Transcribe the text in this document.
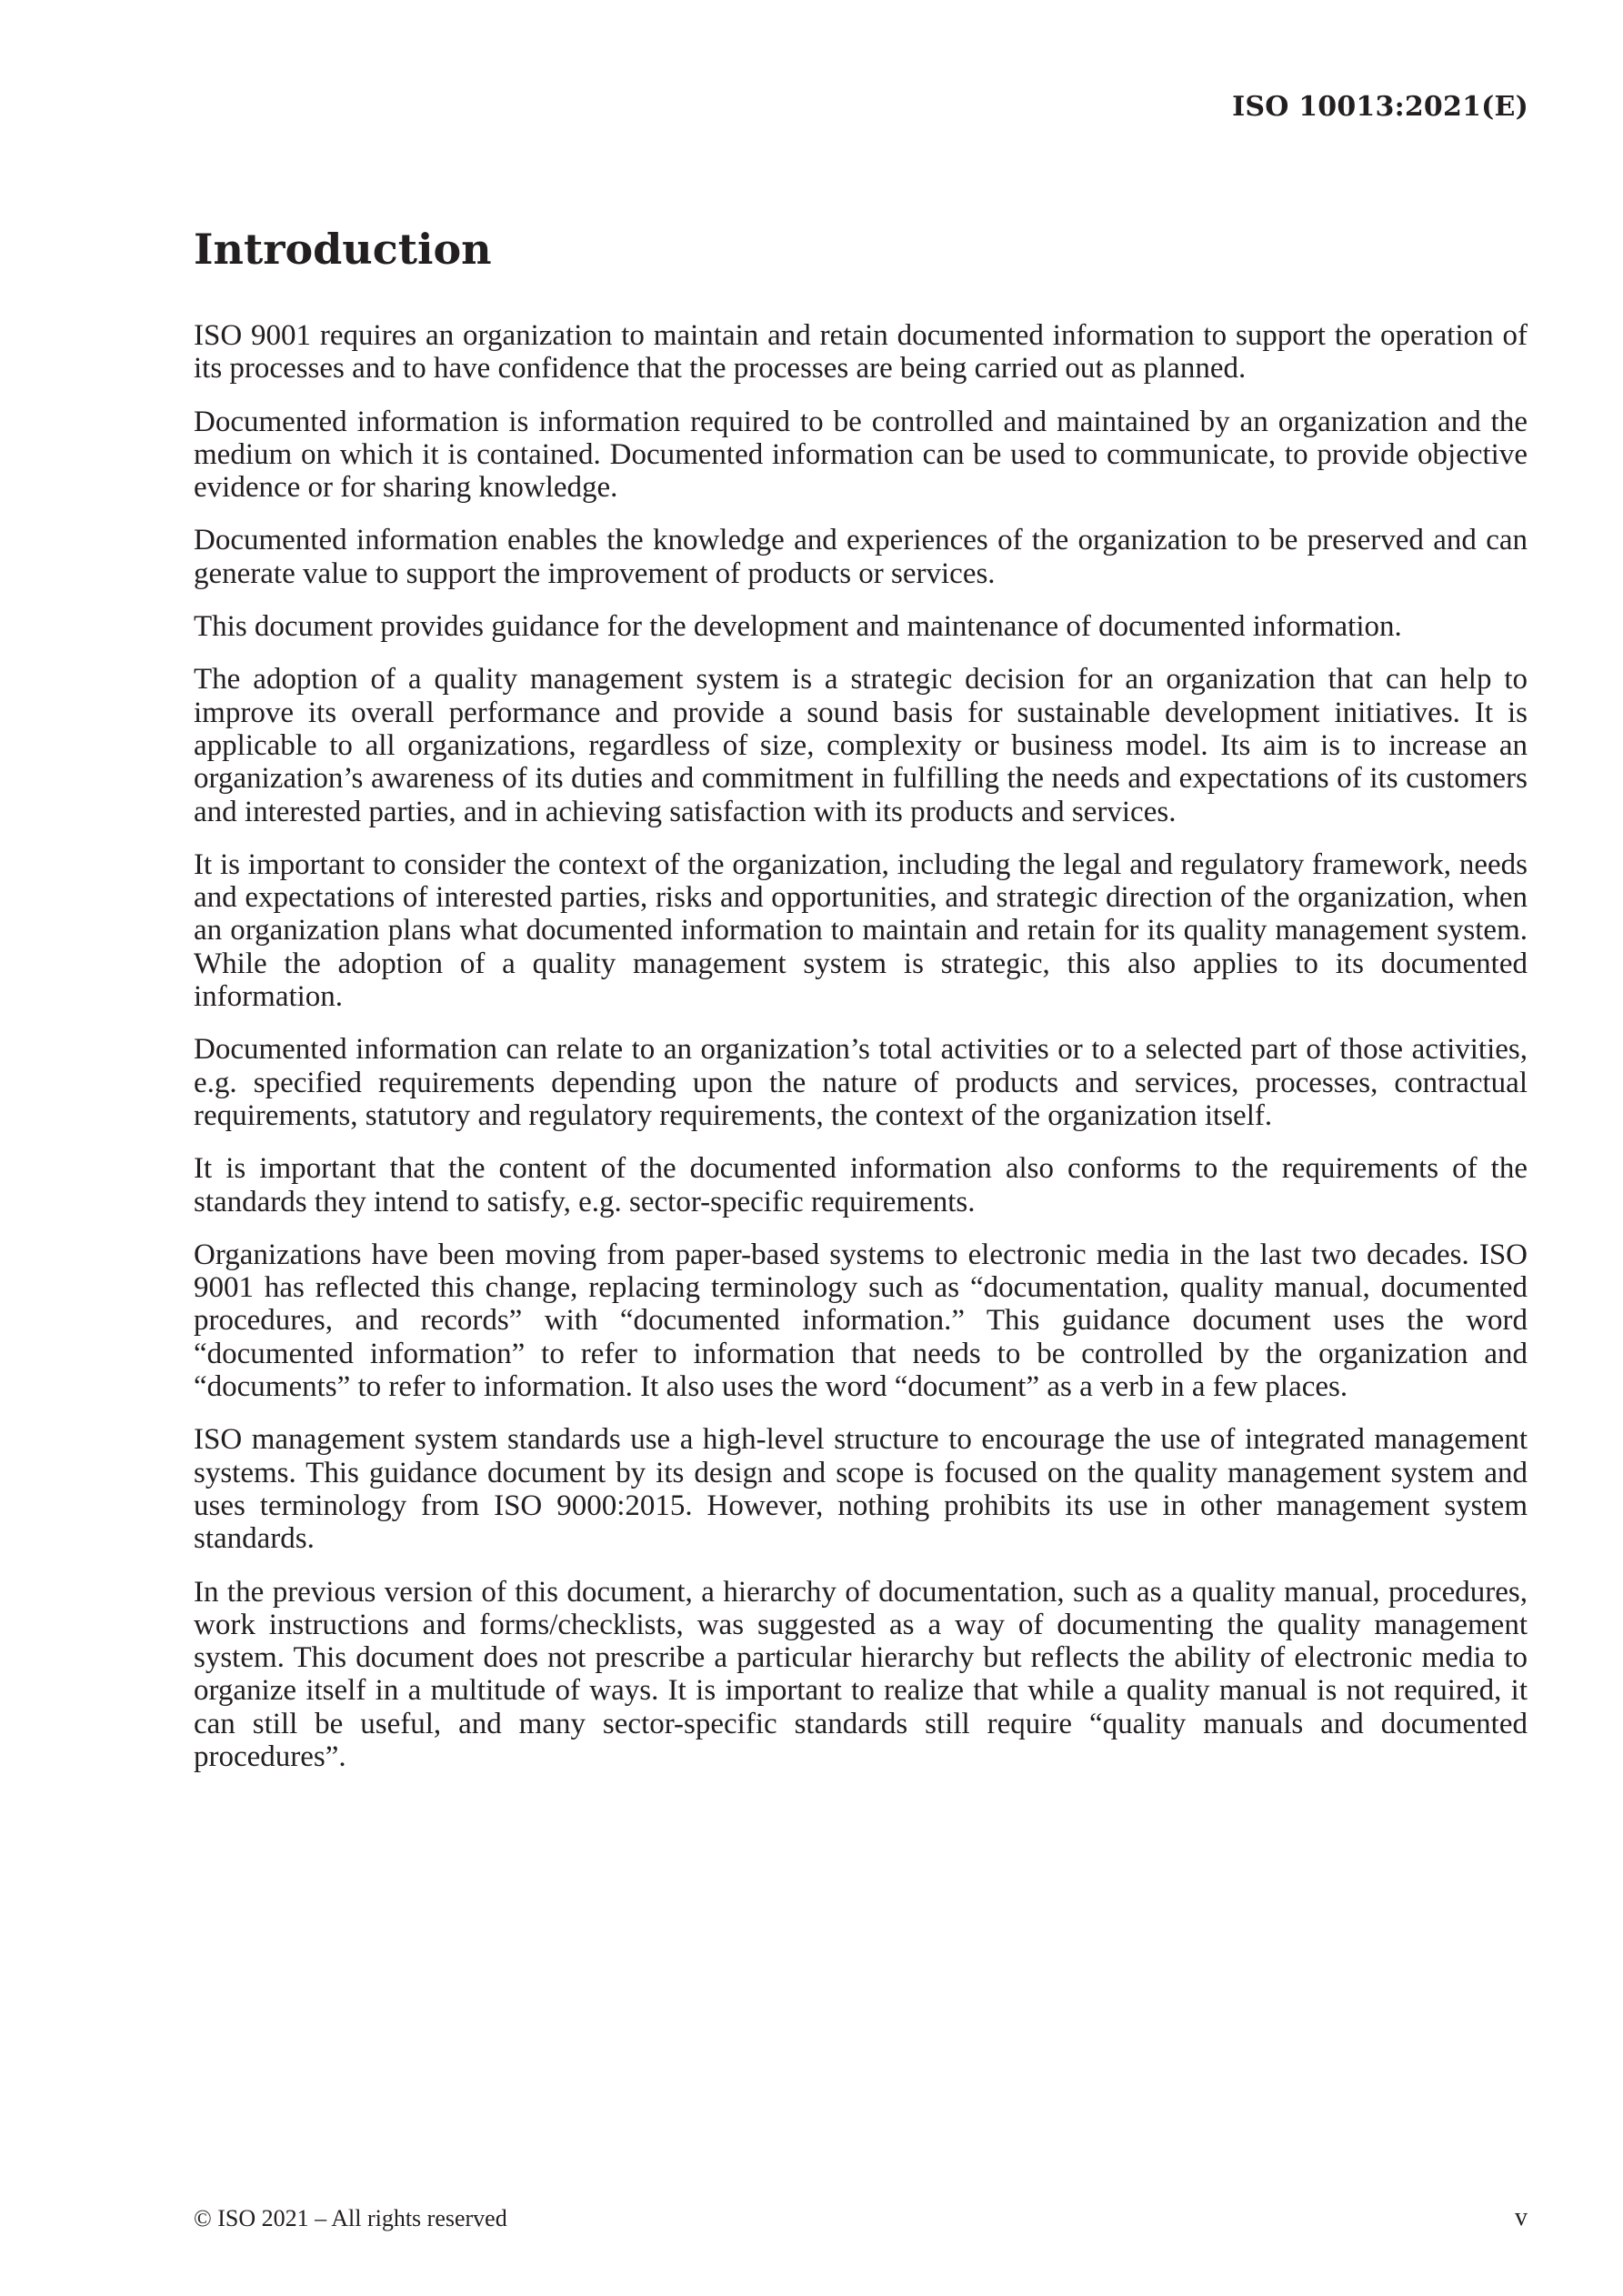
ISO 10013:2021(E)
Introduction

ISO 9001 requires an organization to maintain and retain documented information to support the operation of its processes and to have confidence that the processes are being carried out as planned.

Documented information is information required to be controlled and maintained by an organization and the medium on which it is contained. Documented information can be used to communicate, to provide objective evidence or for sharing knowledge.

Documented information enables the knowledge and experiences of the organization to be preserved and can generate value to support the improvement of products or services.

This document provides guidance for the development and maintenance of documented information.

The adoption of a quality management system is a strategic decision for an organization that can help to improve its overall performance and provide a sound basis for sustainable development initiatives. It is applicable to all organizations, regardless of size, complexity or business model. Its aim is to increase an organization’s awareness of its duties and commitment in fulfilling the needs and expectations of its customers and interested parties, and in achieving satisfaction with its products and services.

It is important to consider the context of the organization, including the legal and regulatory framework, needs and expectations of interested parties, risks and opportunities, and strategic direction of the organization, when an organization plans what documented information to maintain and retain for its quality management system. While the adoption of a quality management system is strategic, this also applies to its documented information.

Documented information can relate to an organization’s total activities or to a selected part of those activities, e.g. specified requirements depending upon the nature of products and services, processes, contractual requirements, statutory and regulatory requirements, the context of the organization itself.

It is important that the content of the documented information also conforms to the requirements of the standards they intend to satisfy, e.g. sector-specific requirements.

Organizations have been moving from paper-based systems to electronic media in the last two decades. ISO 9001 has reflected this change, replacing terminology such as “documentation, quality manual, documented procedures, and records” with “documented information.” This guidance document uses the word “documented information” to refer to information that needs to be controlled by the organization and “documents” to refer to information. It also uses the word “document” as a verb in a few places.

ISO management system standards use a high-level structure to encourage the use of integrated management systems. This guidance document by its design and scope is focused on the quality management system and uses terminology from ISO 9000:2015. However, nothing prohibits its use in other management system standards.

In the previous version of this document, a hierarchy of documentation, such as a quality manual, procedures, work instructions and forms/checklists, was suggested as a way of documenting the quality management system. This document does not prescribe a particular hierarchy but reflects the ability of electronic media to organize itself in a multitude of ways. It is important to realize that while a quality manual is not required, it can still be useful, and many sector-specific standards still require “quality manuals and documented procedures”.

© ISO 2021 – All rights reserved	v
